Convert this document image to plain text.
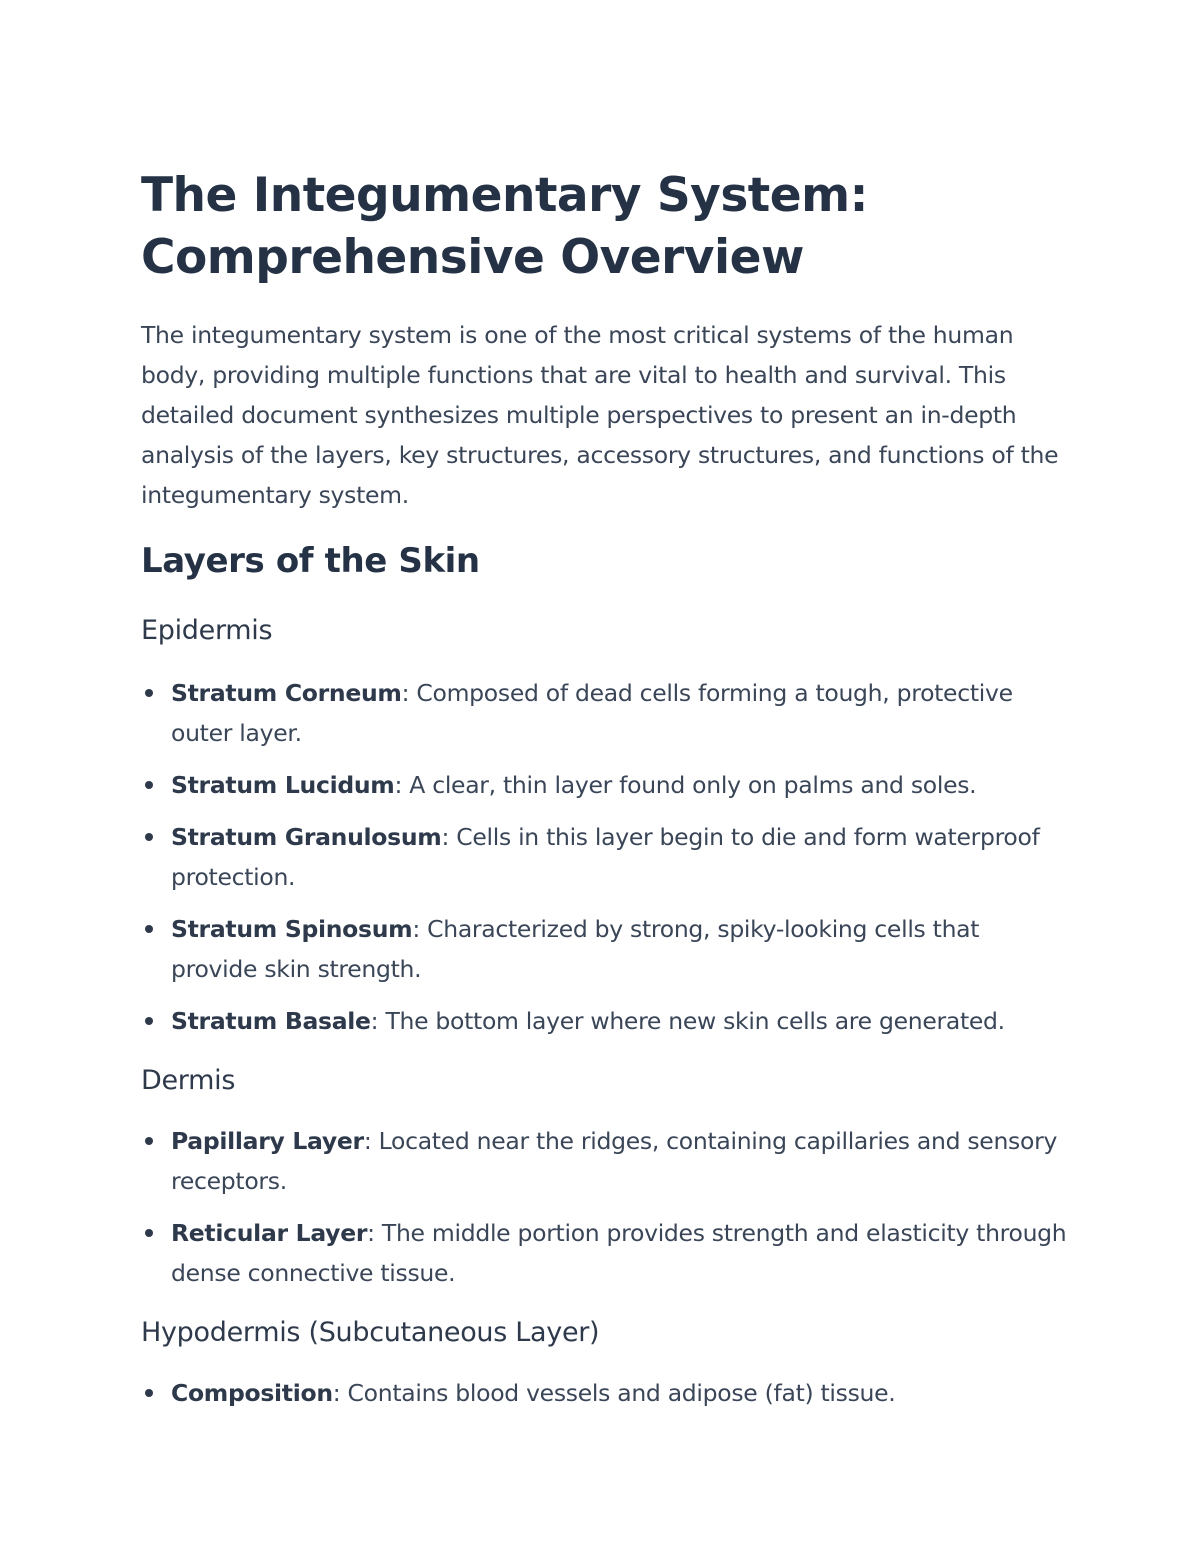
The Integumentary System:
Comprehensive Overview

The integumentary system is one of the most critical systems of the human body, providing multiple functions that are vital to health and survival. This detailed document synthesizes multiple perspectives to present an in-depth analysis of the layers, key structures, accessory structures, and functions of the integumentary system.

Layers of the Skin
Epidermis
Stratum Corneum: Composed of dead cells forming a tough, protective outer layer.
Stratum Lucidum: A clear, thin layer found only on palms and soles.
Stratum Granulosum: Cells in this layer begin to die and form waterproof protection.
Stratum Spinosum: Characterized by strong, spiky-looking cells that provide skin strength.
Stratum Basale: The bottom layer where new skin cells are generated.
Dermis
Papillary Layer: Located near the ridges, containing capillaries and sensory receptors.
Reticular Layer: The middle portion provides strength and elasticity through dense connective tissue.
Hypodermis (Subcutaneous Layer)
Composition: Contains blood vessels and adipose (fat) tissue.
